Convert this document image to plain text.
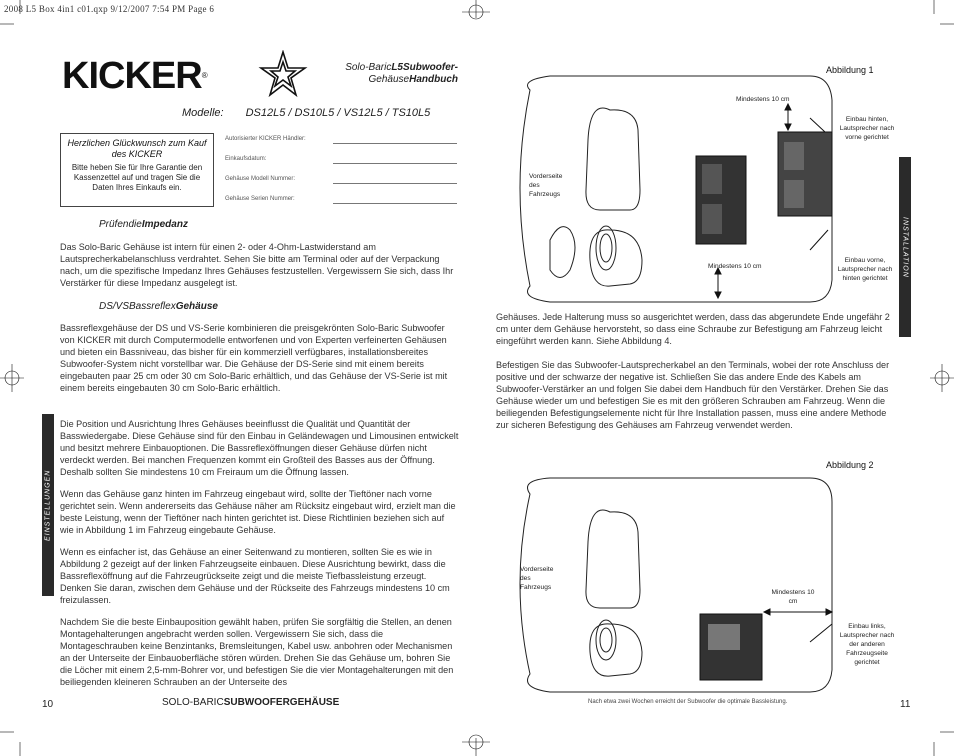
2008 L5 Box 4in1 c01.qxp 9/12/2007 7:54 PM Page 6
KICKER®
Solo-BaricL5Subwoofer-
GehäuseHandbuch
Modelle: DS12L5 / DS10L5 / VS12L5 / TS10L5
Herzlichen Glückwunsch zum Kauf des KICKER
Bitte heben Sie für Ihre Garantie den Kassenzettel auf und tragen Sie die Daten Ihres Einkaufs ein.
Autorisierter KICKER Händler:
Einkaufsdatum:
Gehäuse Modell Nummer:
Gehäuse Serien Nummer:
PrüfendieImpedanz
Das Solo-Baric Gehäuse ist intern für einen 2- oder 4-Ohm-Lastwiderstand am Lautsprecherkabelanschluss verdrahtet. Sehen Sie bitte am Terminal oder auf der Verpackung nach, um die spezifische Impedanz Ihres Gehäuses festzustellen. Vergewissern Sie sich, dass Ihr Verstärker für diese Impedanz ausgelegt ist.
DS/VSBassreflexGehäuse
Bassreflexgehäuse der DS und VS-Serie kombinieren die preisgekrönten Solo-Baric Subwoofer von KICKER mit durch Computermodelle entworfenen und von Experten verfeinerten Gehäusen und bieten ein Bassniveau, das bisher für ein kommerziell verfügbares, installationsbereites Subwoofer-System nicht vorstellbar war. Die Gehäuse der DS-Serie sind mit einem bereits eingebauten paar 25 cm oder 30 cm Solo-Baric erhältlich, und das Gehäuse der VS-Serie ist mit einem bereits eingebauten 30 cm Solo-Baric erhältlich.
Die Position und Ausrichtung Ihres Gehäuses beeinflusst die Qualität und Quantität der Basswiedergabe. Diese Gehäuse sind für den Einbau in Geländewagen und Limousinen entwickelt und besitzt mehrere Einbauoptionen. Die Bassreflexöffnungen dieser Gehäuse dürfen nicht verdeckt werden. Bei manchen Frequenzen kommt ein Großteil des Basses aus der Öffnung. Deshalb sollten Sie mindestens 10 cm Freiraum um die Öffnung lassen.
Wenn das Gehäuse ganz hinten im Fahrzeug eingebaut wird, sollte der Tieftöner nach vorne gerichtet sein. Wenn andererseits das Gehäuse näher am Rücksitz eingebaut wird, erzielt man die beste Leistung, wenn der Tieftöner nach hinten gerichtet ist. Diese Richtlinien beziehen sich auf wie in Abbildung 1 im Fahrzeug eingebaute Gehäuse.
Wenn es einfacher ist, das Gehäuse an einer Seitenwand zu montieren, sollten Sie es wie in Abbildung 2 gezeigt auf der linken Fahrzeugseite einbauen. Diese Ausrichtung bewirkt, dass die Bassreflexöffnung auf die Fahrzeugrückseite zeigt und die meiste Tiefbassleistung erzeugt. Denken Sie daran, zwischen dem Gehäuse und der Rückseite des Fahrzeugs mindestens 10 cm freizulassen.
Nachdem Sie die beste Einbauposition gewählt haben, prüfen Sie sorgfältig die Stellen, an denen Montagehalterungen angebracht werden sollen. Vergewissern Sie sich, dass die Montageschrauben keine Benzintanks, Bremsleitungen, Kabel usw. anbohren oder Mechanismen an der Unterseite der Einbauoberfläche stören würden. Drehen Sie das Gehäuse um, bohren Sie die Löcher mit einem 2,5-mm-Bohrer vor, und befestigen Sie die vier Montagehalterungen mit den beiliegenden kleineren Schrauben an der Unterseite des
EINSTELLUNGEN
INSTALLATION
Abbildung 1
Mindestens 10 cm
Mindestens 10 cm
Vorderseite des Fahrzeugs
Einbau hinten, Lautsprecher nach vorne gerichtet
Einbau vorne, Lautsprecher nach hinten gerichtet
Gehäuses. Jede Halterung muss so ausgerichtet werden, dass das abgerundete Ende ungefähr 2 cm unter dem Gehäuse hervorsteht, so dass eine Schraube zur Befestigung am Fahrzeug leicht eingeführt werden kann. Siehe Abbildung 4.
Befestigen Sie das Subwoofer-Lautsprecherkabel an den Terminals, wobei der rote Anschluss der positive und der schwarze der negative ist. Schließen Sie das andere Ende des Kabels am Subwoofer-Verstärker an und folgen Sie dabei dem Handbuch für den Verstärker. Drehen Sie das Gehäuse wieder um und befestigen Sie es mit den größeren Schrauben am Fahrzeug. Wenn die beiliegenden Befestigungselemente nicht für Ihre Installation passen, muss eine andere Methode zur sicheren Befestigung des Gehäuses am Fahrzeug verwendet werden.
Abbildung 2
Vorderseite des Fahrzeugs
Mindestens 10 cm
Einbau links, Lautsprecher nach der anderen Fahrzeugseite gerichtet
10	SOLO-BARICSUBWOOFERGEHÄUSE	Nach etwa zwei Wochen erreicht der Subwoofer die optimale Bassleistung.	11
